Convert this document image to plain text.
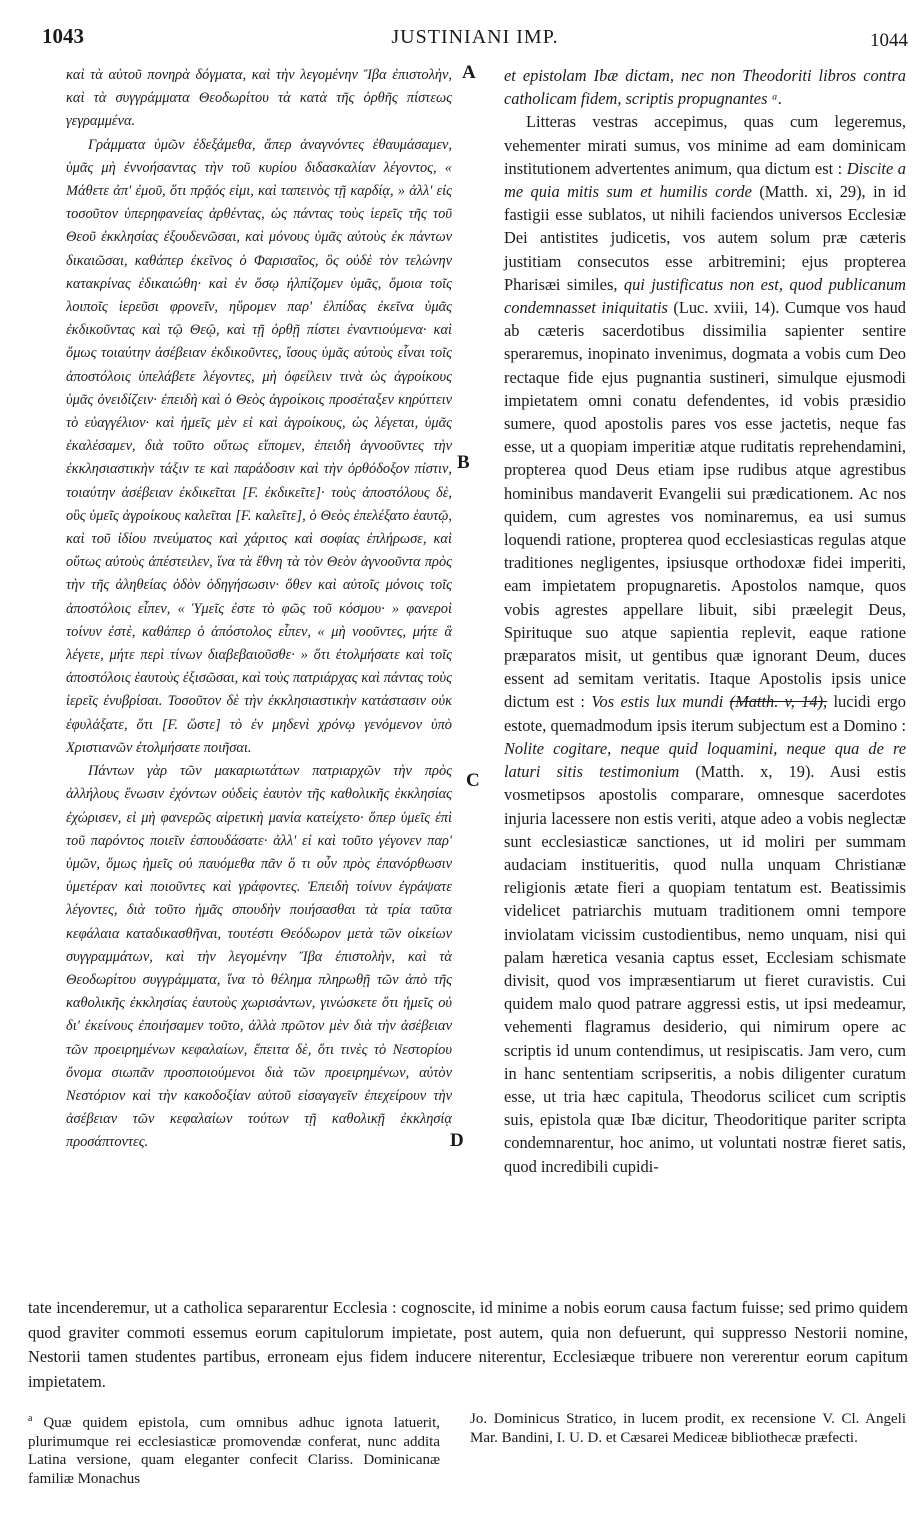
1043	JUSTINIANI IMP.	1044

καὶ τὰ αὐτοῦ πονηρὰ δόγματα, καὶ τὴν λεγομένην Ἴβα ἐπιστολὴν, καὶ τὰ συγγράμματα Θεοδωρίτου τὰ κατὰ τῆς ὀρθῆς πίστεως γεγραμμένα.

Γράμματα ὑμῶν ἐδεξάμεθα, ἅπερ ἀναγνόντες ἐθαυμάσαμεν, ὑμᾶς μὴ ἐννοήσαντας τὴν τοῦ κυρίου διδασκαλίαν λέγοντος, « Μάθετε ἀπ' ἐμοῦ, ὅτι πρᾷός εἰμι, καὶ ταπεινὸς τῇ καρδίᾳ, » ἀλλ' εἰς τοσοῦτον ὑπερηφανείας ἀρθέντας, ὡς πάντας τοὺς ἱερεῖς τῆς τοῦ Θεοῦ ἐκκλησίας ἐξουδενῶσαι, καὶ μόνους ὑμᾶς αὐτοὺς ἐκ πάντων δικαιῶσαι, καθάπερ ἐκεῖνος ὁ Φαρισαῖος, ὃς οὐδὲ τὸν τελώνην κατακρίνας ἐδικαιώθη· καὶ ἐν ὅσῳ ἠλπίζομεν ὑμᾶς, ὅμοια τοῖς λοιποῖς ἱερεῦσι φρονεῖν, ηὕρομεν παρ' ἐλπίδας ἐκεῖνα ὑμᾶς ἐκδικοῦντας καὶ τῷ Θεῷ, καὶ τῇ ὀρθῇ πίστει ἐναντιούμενα· καὶ ὅμως τοιαύτην ἀσέβειαν ἐκδικοῦντες, ἴσους ὑμᾶς αὐτοὺς εἶναι τοῖς ἀποστόλοις ὑπελάβετε λέγοντες, μὴ ὀφείλειν τινὰ ὡς ἀγροίκους ὑμᾶς ὀνειδίζειν· ἐπειδὴ καὶ ὁ Θεὸς ἀγροίκοις προσέταξεν κηρύττειν τὸ εὐαγγέλιον· καὶ ἡμεῖς μὲν εἰ καὶ ἀγροίκους, ὡς λέγεται, ὑμᾶς ἐκαλέσαμεν, διὰ τοῦτο οὕτως εἴπομεν, ἐπειδὴ ἀγνοοῦντες τὴν ἐκκλησιαστικὴν τάξιν τε καὶ παράδοσιν καὶ τὴν ὀρθόδοξον πίστιν, τοιαύτην ἀσέβειαν ἐκδικεῖται [F. ἐκδικεῖτε]· τοὺς ἀποστόλους δὲ, οὓς ὑμεῖς ἀγροίκους καλεῖται [F. καλεῖτε], ὁ Θεὸς ἐπελέξατο ἑαυτῷ, καὶ τοῦ ἰδίου πνεύματος καὶ χάριτος καὶ σοφίας ἐπλήρωσε, καὶ οὕτως αὐτοὺς ἀπέστειλεν, ἵνα τὰ ἔθνη τὰ τὸν Θεὸν ἀγνοοῦντα πρὸς τὴν τῆς ἀληθείας ὁδὸν ὁδηγήσωσιν· ὅθεν καὶ αὐτοῖς μόνοις τοῖς ἀποστόλοις εἶπεν, « Ὑμεῖς ἐστε τὸ φῶς τοῦ κόσμου· » φανεροὶ τοίνυν ἐστὲ, καθάπερ ὁ ἀπόστολος εἶπεν, « μὴ νοοῦντες, μήτε ἃ λέγετε, μήτε περὶ τίνων διαβεβαιοῦσθε· » ὅτι ἐτολμήσατε καὶ τοῖς ἀποστόλοις ἑαυτοὺς ἐξισῶσαι, καὶ τοὺς πατριάρχας καὶ πάντας τοὺς ἱερεῖς ἐνυβρίσαι. Τοσοῦτον δὲ τὴν ἐκκλησιαστικὴν κατάστασιν οὐκ ἐφυλάξατε, ὅτι [F. ὥστε] τὸ ἐν μηδενὶ χρόνῳ γενόμενον ὑπὸ Χριστιανῶν ἐτολμήσατε ποιῆσαι.

Πάντων γὰρ τῶν μακαριωτάτων πατριαρχῶν τὴν πρὸς ἀλλήλους ἕνωσιν ἐχόντων οὐδεὶς ἑαυτὸν τῆς καθολικῆς ἐκκλησίας ἐχώρισεν, εἰ μὴ φανερῶς αἱρετικὴ μανία κατείχετο· ὅπερ ὑμεῖς ἐπὶ τοῦ παρόντος ποιεῖν ἐσπουδάσατε· ἀλλ' εἰ καὶ τοῦτο γέγονεν παρ' ὑμῶν, ὅμως ἡμεῖς οὐ παυόμεθα πᾶν ὅ τι οὖν πρὸς ἐπανόρθωσιν ὑμετέραν καὶ ποιοῦντες καὶ γράφοντες. Ἐπειδὴ τοίνυν ἐγράψατε λέγοντες, διὰ τοῦτο ἡμᾶς σπουδὴν ποιήσασθαι τὰ τρία ταῦτα κεφάλαια καταδικασθῆναι, τουτέστι Θεόδωρον μετὰ τῶν οἰκείων συγγραμμάτων, καὶ τὴν λεγομένην Ἴβα ἐπιστολὴν, καὶ τὰ Θεοδωρίτου συγγράμματα, ἵνα τὸ θέλημα πληρωθῇ τῶν ἀπὸ τῆς καθολικῆς ἐκκλησίας ἑαυτοὺς χωρισάντων, γινώσκετε ὅτι ἡμεῖς οὐ δι' ἐκείνους ἐποιήσαμεν τοῦτο, ἀλλὰ πρῶτον μὲν διὰ τὴν ἀσέβειαν τῶν προειρημένων κεφαλαίων, ἔπειτα δὲ, ὅτι τινὲς τὸ Νεστορίου ὄνομα σιωπᾶν προσποιούμενοι διὰ τῶν προειρημένων, αὐτὸν Νεστόριον καὶ τὴν κακοδοξίαν αὐτοῦ εἰσαγαγεῖν ἐπεχείρουν τὴν ἀσέβειαν τῶν κεφαλαίων τούτων τῇ καθολικῇ ἐκκλησίᾳ προσάπτοντες.

A
B
C
D

et epistolam Ibæ dictam, nec non Theodoriti libros contra catholicam fidem, scriptis propugnantes ᵃ.

Litteras vestras accepimus, quas cum legeremus, vehementer mirati sumus, vos minime ad eam dominicam institutionem advertentes animum, qua dictum est : Discite a me quia mitis sum et humilis corde (Matth. xi, 29), in id fastigii esse sublatos, ut nihili faciendos universos Ecclesiæ Dei antistites judicetis, vos autem solum præ cæteris justitiam consecutos esse arbitremini; ejus propterea Pharisæi similes, qui justificatus non est, quod publicanum condemnasset iniquitatis (Luc. xviii, 14). Cumque vos haud ab cæteris sacerdotibus dissimilia sapienter sentire speraremus, inopinato invenimus, dogmata a vobis cum Deo rectaque fide ejus pugnantia sustineri, simulque ejusmodi impietatem omni conatu defendentes, id vobis præsidio sumere, quod apostolis pares vos esse jactetis, neque fas esse, ut a quopiam imperitiæ atque ruditatis reprehendamini, propterea quod Deus etiam ipse rudibus atque agrestibus hominibus mandaverit Evangelii sui prædicationem. Ac nos quidem, cum agrestes vos nominaremus, ea usi sumus loquendi ratione, propterea quod ecclesiasticas regulas atque traditiones negligentes, ipsiusque orthodoxæ fidei imperiti, eam impietatem propugnaretis. Apostolos namque, quos vobis agrestes appellare libuit, sibi præelegit Deus, Spirituque suo atque sapientia replevit, eaque ratione præparatos misit, ut gentibus quæ ignorant Deum, duces essent ad semitam veritatis. Itaque Apostolis ipsis unice dictum est : Vos estis lux mundi (Matth. v, 14), lucidi ergo estote, quemadmodum ipsis iterum subjectum est a Domino : Nolite cogitare, neque quid loquamini, neque qua de re laturi sitis testimonium (Matth. x, 19). Ausi estis vosmetipsos apostolis comparare, omnesque sacerdotes injuria lacessere non estis veriti, atque adeo a vobis neglectæ sunt ecclesiasticæ sanctiones, ut id moliri per summam audaciam institueritis, quod nulla unquam Christianæ religionis ætate fieri a quopiam tentatum est. Beatissimis videlicet patriarchis mutuam traditionem omni tempore inviolatam vicissim custodientibus, nemo unquam, nisi qui palam hæretica vesania captus esset, Ecclesiam schismate divisit, quod vos impræsentiarum ut fieret curavistis. Cui quidem malo quod patrare aggressi estis, ut ipsi medeamur, vehementi flagramus desiderio, qui nimirum opere ac scriptis id unum contendimus, ut resipiscatis. Jam vero, cum in hanc sententiam scripseritis, a nobis diligenter curatum esse, ut tria hæc capitula, Theodorus scilicet cum scriptis suis, epistola quæ Ibæ dicitur, Theodoritique pariter scripta condemnarentur, hoc animo, ut voluntati nostræ fieret satis, quod incredibili cupidi-

tate incenderemur, ut a catholica separarentur Ecclesia : cognoscite, id minime a nobis eorum causa factum fuisse; sed primo quidem quod graviter commoti essemus eorum capitulorum impietate, post autem, quia non defuerunt, qui suppresso Nestorii nomine, Nestorii tamen studentes partibus, erroneam ejus fidem inducere niterentur, Ecclesiæque tribuere non vererentur eorum capitum impietatem.
$^a$ Quæ quidem epistola, cum omnibus adhuc ignota latuerit, plurimumque rei ecclesiasticæ promovendæ conferat, nunc addita Latina versione, quam eleganter confecit Clariss. Dominicanæ familiæ Monachus
Jo. Dominicus Stratico, in lucem prodit, ex recensione V. Cl. Angeli Mar. Bandini, I. U. D. et Cæsarei Mediceæ bibliothecæ præfecti.
